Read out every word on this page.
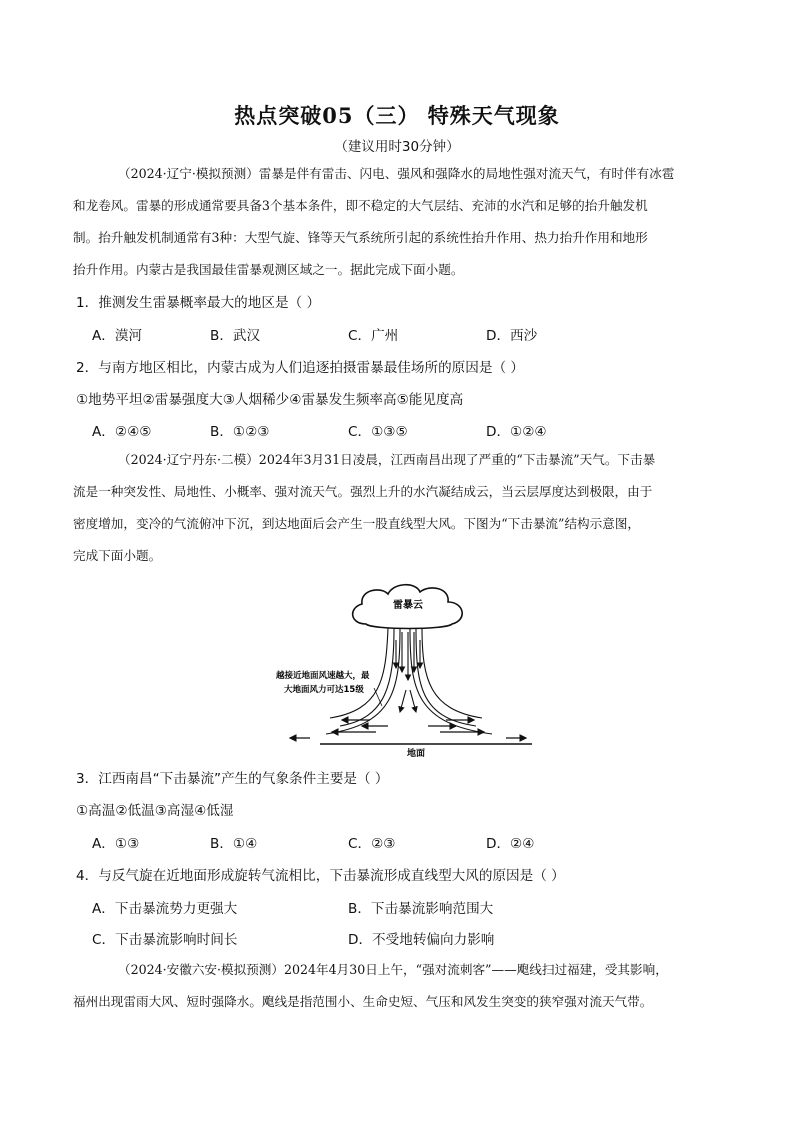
热点突破05（三） 特殊天气现象
（建议用时30分钟）
（2024·辽宁·模拟预测）雷暴是伴有雷击、闪电、强风和强降水的局地性强对流天气，有时伴有冰雹
和龙卷风。雷暴的形成通常要具备3个基本条件，即不稳定的大气层结、充沛的水汽和足够的抬升触发机
制。抬升触发机制通常有3种：大型气旋、锋等天气系统所引起的系统性抬升作用、热力抬升作用和地形
抬升作用。内蒙古是我国最佳雷暴观测区域之一。据此完成下面小题。
1．推测发生雷暴概率最大的地区是（ ）
A．漠河	B．武汉	C．广州	D．西沙
2．与南方地区相比，内蒙古成为人们追逐拍摄雷暴最佳场所的原因是（ ）
①地势平坦②雷暴强度大③人烟稀少④雷暴发生频率高⑤能见度高
A．②④⑤	B．①②③	C．①③⑤	D．①②④
（2024·辽宁丹东·二模）2024年3月31日凌晨，江西南昌出现了严重的“下击暴流”天气。下击暴
流是一种突发性、局地性、小概率、强对流天气。强烈上升的水汽凝结成云，当云层厚度达到极限，由于
密度增加，变冷的气流俯冲下沉，到达地面后会产生一股直线型大风。下图为“下击暴流”结构示意图，
完成下面小题。
雷暴云
地面
越接近地面风速越大，最
大地面风力可达15级
3．江西南昌“下击暴流”产生的气象条件主要是（ ）
①高温②低温③高湿④低湿
A．①③	B．①④	C．②③	D．②④
4．与反气旋在近地面形成旋转气流相比，下击暴流形成直线型大风的原因是（ ）
A．下击暴流势力更强大	B．下击暴流影响范围大
C．下击暴流影响时间长	D．不受地转偏向力影响
（2024·安徽六安·模拟预测）2024年4月30日上午，“强对流刺客”——飑线扫过福建，受其影响，
福州出现雷雨大风、短时强降水。飑线是指范围小、生命史短、气压和风发生突变的狭窄强对流天气带。
